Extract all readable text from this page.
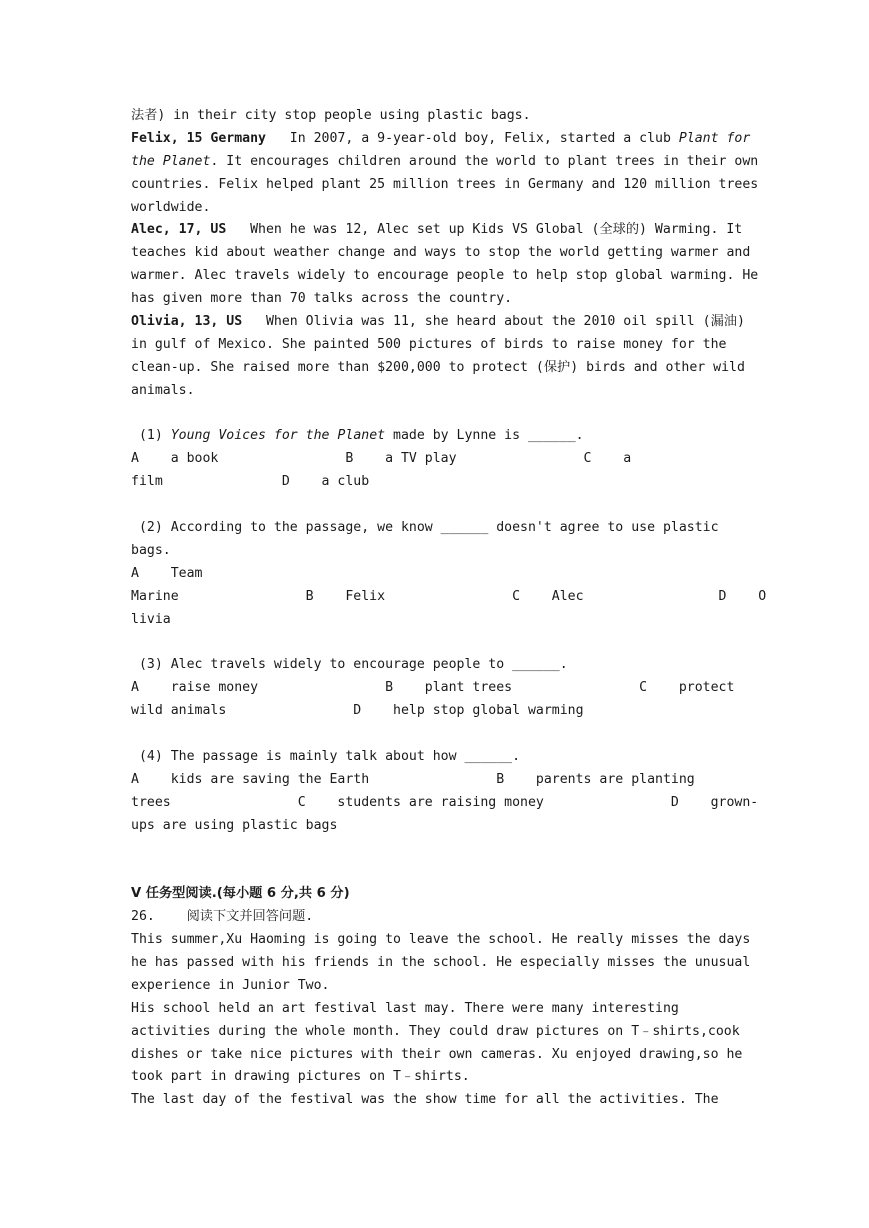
法者) in their city stop people using plastic bags.
Felix, 15 Germany   In 2007, a 9-year-old boy, Felix, started a club Plant for
the Planet. It encourages children around the world to plant trees in their own
countries. Felix helped plant 25 million trees in Germany and 120 million trees
worldwide.
Alec, 17, US   When he was 12, Alec set up Kids VS Global (全球的) Warming. It
teaches kid about weather change and ways to stop the world getting warmer and
warmer. Alec travels widely to encourage people to help stop global warming. He
has given more than 70 talks across the country.
Olivia, 13, US   When Olivia was 11, she heard about the 2010 oil spill (漏油)
in gulf of Mexico. She painted 500 pictures of birds to raise money for the
clean-up. She raised more than $200,000 to protect (保护) birds and other wild
animals.
(1) Young Voices for the Planet made by Lynne is ______.
A    a book                B    a TV play                C    a
film               D    a club
(2) According to the passage, we know ______ doesn't agree to use plastic
bags.
A    Team
Marine                B    Felix                C    Alec                 D    O
livia
(3) Alec travels widely to encourage people to ______.
A    raise money                B    plant trees                C    protect
wild animals                D    help stop global warming
(4) The passage is mainly talk about how ______.
A    kids are saving the Earth                B    parents are planting
trees                C    students are raising money                D    grown-
ups are using plastic bags
V 任务型阅读.(每小题 6 分,共 6 分)
26.    阅读下文并回答问题.
This summer,Xu Haoming is going to leave the school. He really misses the days
he has passed with his friends in the school. He especially misses the unusual
experience in Junior Two.
His school held an art festival last may. There were many interesting
activities during the whole month. They could draw pictures on T﹣shirts,cook
dishes or take nice pictures with their own cameras. Xu enjoyed drawing,so he
took part in drawing pictures on T﹣shirts.
The last day of the festival was the show time for all the activities. The
